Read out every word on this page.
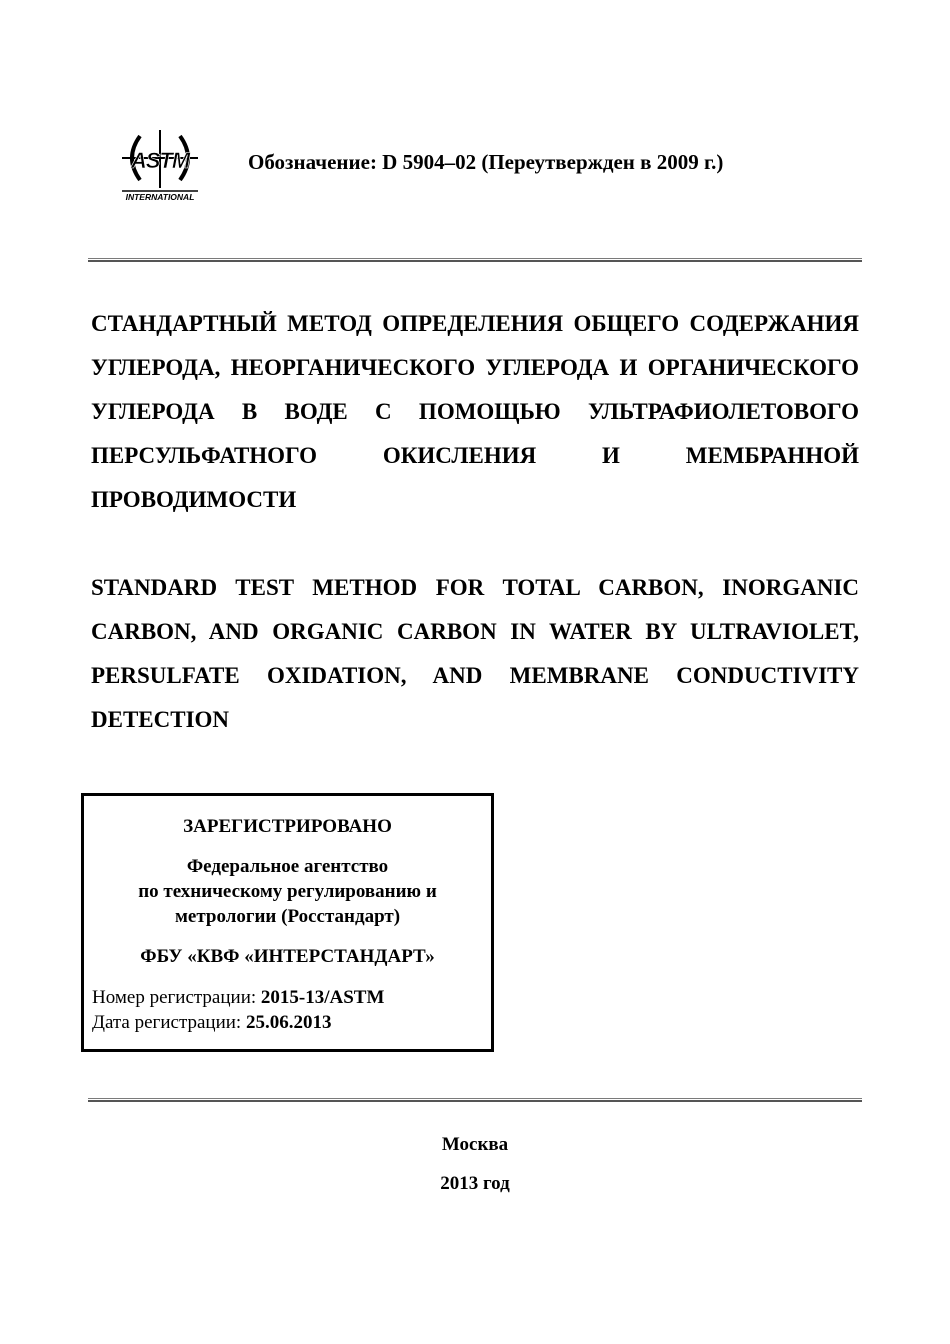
ASTM
INTERNATIONAL
Обозначение: D 5904–02 (Переутвержден в 2009 г.)
СТАНДАРТНЫЙ МЕТОД ОПРЕДЕЛЕНИЯ ОБЩЕГО СОДЕРЖАНИЯ УГЛЕРОДА, НЕОРГАНИЧЕСКОГО УГЛЕРОДА И ОРГАНИЧЕСКОГО УГЛЕРОДА В ВОДЕ С ПОМОЩЬЮ УЛЬТРАФИОЛЕТОВОГО ПЕРСУЛЬФАТНОГО ОКИСЛЕНИЯ И МЕМБРАННОЙ ПРОВОДИМОСТИ
STANDARD TEST METHOD FOR TOTAL CARBON, INORGANIC CARBON, AND ORGANIC CARBON IN WATER BY ULTRAVIOLET, PERSULFATE OXIDATION, AND MEMBRANE CONDUCTIVITY DETECTION
ЗАРЕГИСТРИРОВАНО
Федеральное агентство
по техническому регулированию и
метрологии (Росстандарт)
ФБУ «КВФ «ИНТЕРСТАНДАРТ»
Номер регистрации: 2015-13/ASTM
Дата регистрации: 25.06.2013
Москва
2013 год
